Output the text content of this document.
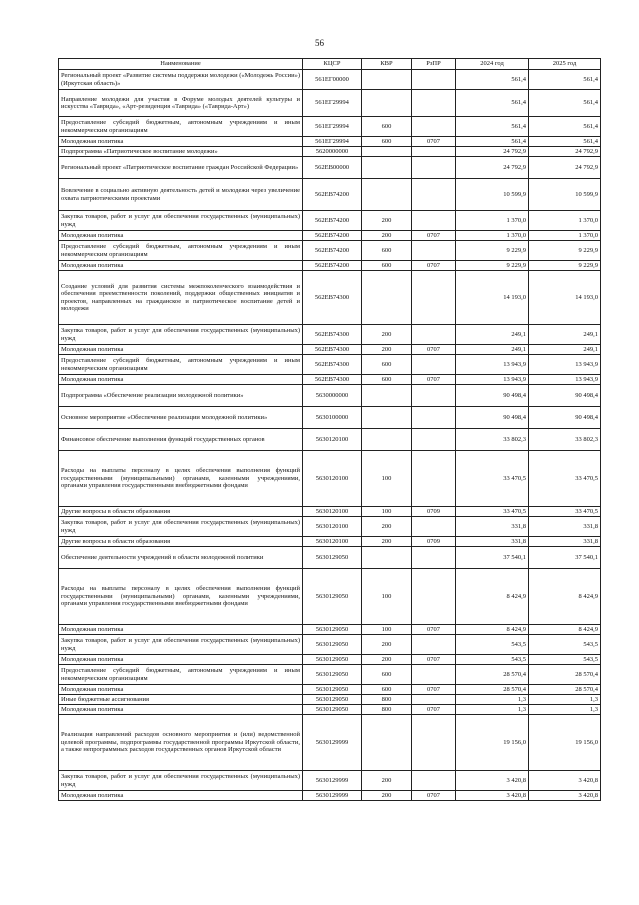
56
Наименование	КЦСР	КВР	РзПР	2024 год	2025 год
Региональный проект «Развитие системы поддержки молодежи («Молодежь России») (Иркутская область)»	561ЕГ00000			561,4	561,4
Направление молодежи для участия в Форуме молодых деятелей культуры и искусства «Таврида», «Арт-резиденция «Таврида» («Таврида-Арт»)	561ЕГ29994			561,4	561,4
Предоставление субсидий бюджетным, автономным учреждениям и иным некоммерческим организациям	561ЕГ29994	600		561,4	561,4
Молодежная политика	561ЕГ29994	600	0707	561,4	561,4
Подпрограмма «Патриотическое воспитание молодежи»	5620000000			24 792,9	24 792,9
Региональный проект «Патриотическое воспитание граждан Российской Федерации»	562ЕВ00000			24 792,9	24 792,9
Вовлечение в социально активную деятельность детей и молодежи через увеличение охвата патриотическими проектами	562ЕВ74200			10 599,9	10 599,9
Закупка товаров, работ и услуг для обеспечения государственных (муниципальных) нужд	562ЕВ74200	200		1 370,0	1 370,0
Молодежная политика	562ЕВ74200	200	0707	1 370,0	1 370,0
Предоставление субсидий бюджетным, автономным учреждениям и иным некоммерческим организациям	562ЕВ74200	600		9 229,9	9 229,9
Молодежная политика	562ЕВ74200	600	0707	9 229,9	9 229,9
Создание условий для развития системы межпоколенческого взаимодействия и обеспечения преемственности поколений, поддержки общественных инициатив и проектов, направленных на гражданское и патриотическое воспитание детей и молодежи	562ЕВ74300			14 193,0	14 193,0
Закупка товаров, работ и услуг для обеспечения государственных (муниципальных) нужд	562ЕВ74300	200		249,1	249,1
Молодежная политика	562ЕВ74300	200	0707	249,1	249,1
Предоставление субсидий бюджетным, автономным учреждениям и иным некоммерческим организациям	562ЕВ74300	600		13 943,9	13 943,9
Молодежная политика	562ЕВ74300	600	0707	13 943,9	13 943,9
Подпрограмма «Обеспечение реализации молодежной политики»	5630000000			90 498,4	90 498,4
Основное мероприятие «Обеспечение реализации молодежной политики»	5630100000			90 498,4	90 498,4
Финансовое обеспечение выполнения функций государственных органов	5630120100			33 802,3	33 802,3
Расходы на выплаты персоналу в целях обеспечения выполнения функций государственными (муниципальными) органами, казенными учреждениями, органами управления государственными внебюджетными фондами	5630120100	100		33 470,5	33 470,5
Другие вопросы в области образования	5630120100	100	0709	33 470,5	33 470,5
Закупка товаров, работ и услуг для обеспечения государственных (муниципальных) нужд	5630120100	200		331,8	331,8
Другие вопросы в области образования	5630120100	200	0709	331,8	331,8
Обеспечение деятельности учреждений в области молодежной политики	5630129050			37 540,1	37 540,1
Расходы на выплаты персоналу в целях обеспечения выполнения функций государственными (муниципальными) органами, казенными учреждениями, органами управления государственными внебюджетными фондами	5630129050	100		8 424,9	8 424,9
Молодежная политика	5630129050	100	0707	8 424,9	8 424,9
Закупка товаров, работ и услуг для обеспечения государственных (муниципальных) нужд	5630129050	200		543,5	543,5
Молодежная политика	5630129050	200	0707	543,5	543,5
Предоставление субсидий бюджетным, автономным учреждениям и иным некоммерческим организациям	5630129050	600		28 570,4	28 570,4
Молодежная политика	5630129050	600	0707	28 570,4	28 570,4
Иные бюджетные ассигнования	5630129050	800		1,3	1,3
Молодежная политика	5630129050	800	0707	1,3	1,3
Реализация направлений расходов основного мероприятия и (или) ведомственной целевой программы, подпрограммы государственной программы Иркутской области, а также непрограммных расходов государственных органов Иркутской области	5630129999			19 156,0	19 156,0
Закупка товаров, работ и услуг для обеспечения государственных (муниципальных) нужд	5630129999	200		3 420,8	3 420,8
Молодежная политика	5630129999	200	0707	3 420,8	3 420,8
